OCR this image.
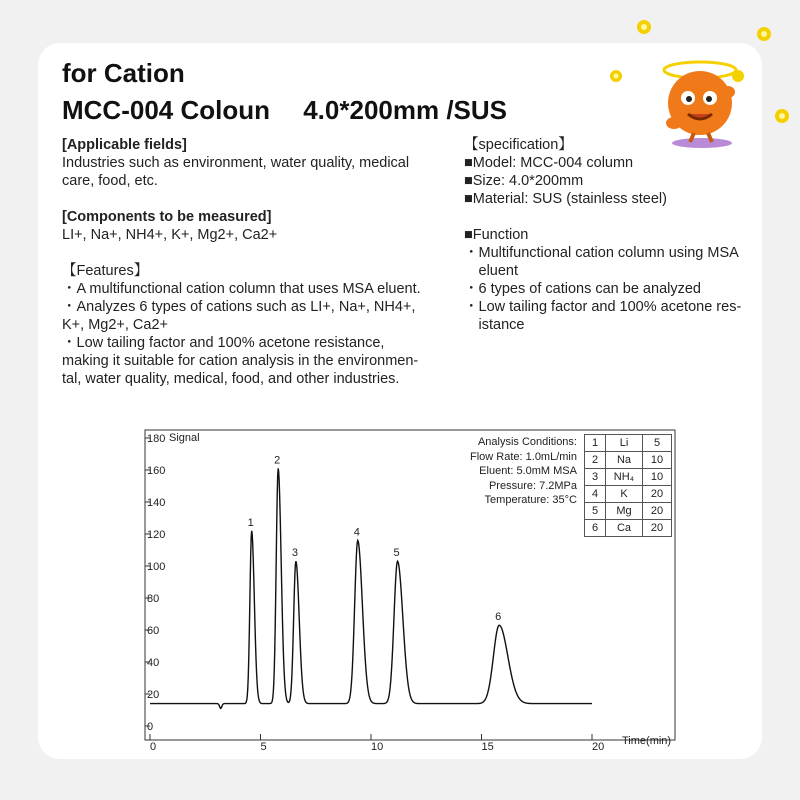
for Cation
MCC-004 Coloun　 4.0*200mm /SUS
[Applicable fields]
Industries such as environment, water quality, medical
care, food, etc.
[Components to be measured]
LI+, Na+, NH4+, K+, Mg2+, Ca2+
【Features】
・A multifunctional cation column that uses MSA eluent.
・Analyzes 6 types of cations such as LI+, Na+, NH4+,
K+, Mg2+, Ca2+
・Low tailing factor and 100% acetone resistance,
making it suitable for cation analysis in the environmen-
tal, water quality, medical, food, and other industries.
【specification】
■Model: MCC-004 column
■Size: 4.0*200mm
■Material: SUS (stainless steel)
■Function
・Multifunctional cation column using MSA
　eluent
・6 types of cations can be analyzed
・Low tailing factor and 100% acetone res-
　istance
0
20
40
60
80
100
120
140
160
180
0	5	10	15	20
Signal
Time(min)
1
2
3
4
5
6
Analysis Conditions:
Flow Rate: 1.0mL/min
Eluent: 5.0mM MSA
Pressure: 7.2MPa
Temperature: 35°C
1	Li	5
2	Na	10
3	NH₄	10
4	K	20
5	Mg	20
6	Ca	20
